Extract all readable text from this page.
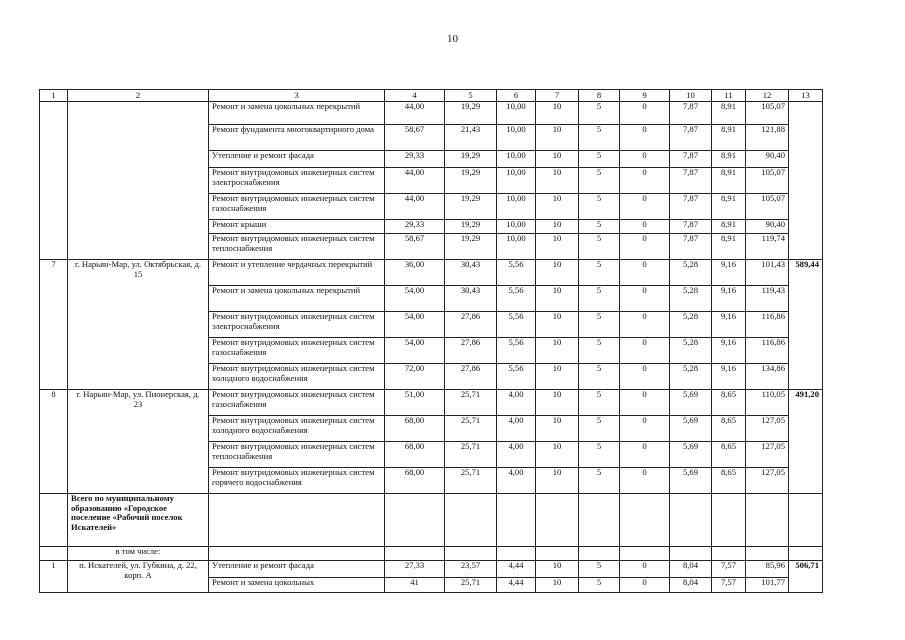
10
1	2	3	4	5	6	7	8	9	10	11	12	13
		Ремонт и замена цокольных перекрытий	44,00	19,29	10,00	10	5	0	7,87	8,91	105,07	
		Ремонт фундамента многоквартирного дома	58,67	21,43	10,00	10	5	0	7,87	8,91	121,88	
		Утепление и ремонт фасада	29,33	19,29	10,00	10	5	0	7,87	8,91	90,40	
		Ремонт внутридомовых инженерных систем электроснабжения	44,00	19,29	10,00	10	5	0	7,87	8,91	105,07	
		Ремонт внутридомовых инженерных систем газоснабжения	44,00	19,29	10,00	10	5	0	7,87	8,91	105,07	
		Ремонт крыши	29,33	19,29	10,00	10	5	0	7,87	8,91	90,40	
		Ремонт внутридомовых инженерных систем теплоснабжения	58,67	19,29	10,00	10	5	0	7,87	8,91	119,74	
7	г. Нарьян-Мар, ул. Октябрьская, д. 15	Ремонт и утепление чердачных перекрытий	36,00	30,43	5,56	10	5	0	5,28	9,16	101,43	589,44
		Ремонт и замена цокольных перекрытий	54,00	30,43	5,56	10	5	0	5,28	9,16	119,43	
		Ремонт внутридомовых инженерных систем электроснабжения	54,00	27,86	5,56	10	5	0	5,28	9,16	116,86	
		Ремонт внутридомовых инженерных систем газоснабжения	54,00	27,86	5,56	10	5	0	5,28	9,16	116,86	
		Ремонт внутридомовых инженерных систем холодного водоснабжения	72,00	27,86	5,56	10	5	0	5,28	9,16	134,86	
8	г. Нарьян-Мар, ул. Пионерская, д. 23	Ремонт внутридомовых инженерных систем газоснабжения	51,00	25,71	4,00	10	5	0	5,69	8,65	110,05	491,20
		Ремонт внутридомовых инженерных систем холодного водоснабжения	68,00	25,71	4,00	10	5	0	5,69	8,65	127,05	
		Ремонт внутридомовых инженерных систем теплоснабжения	68,00	25,71	4,00	10	5	0	5,69	8,65	127,05	
		Ремонт внутридомовых инженерных систем горячего водоснабжения	68,00	25,71	4,00	10	5	0	5,69	8,65	127,05	
	Всего по муниципальному образованию «Городское поселение «Рабочий поселок Искателей»											
	в том числе:											
1	п. Искателей, ул. Губкина, д. 22, корп. А	Утепление и ремонт фасада	27,33	23,57	4,44	10	5	0	8,04	7,57	85,96	506,71
		Ремонт и замена цокольных	41	25,71	4,44	10	5	0	8,04	7,57	101,77	
